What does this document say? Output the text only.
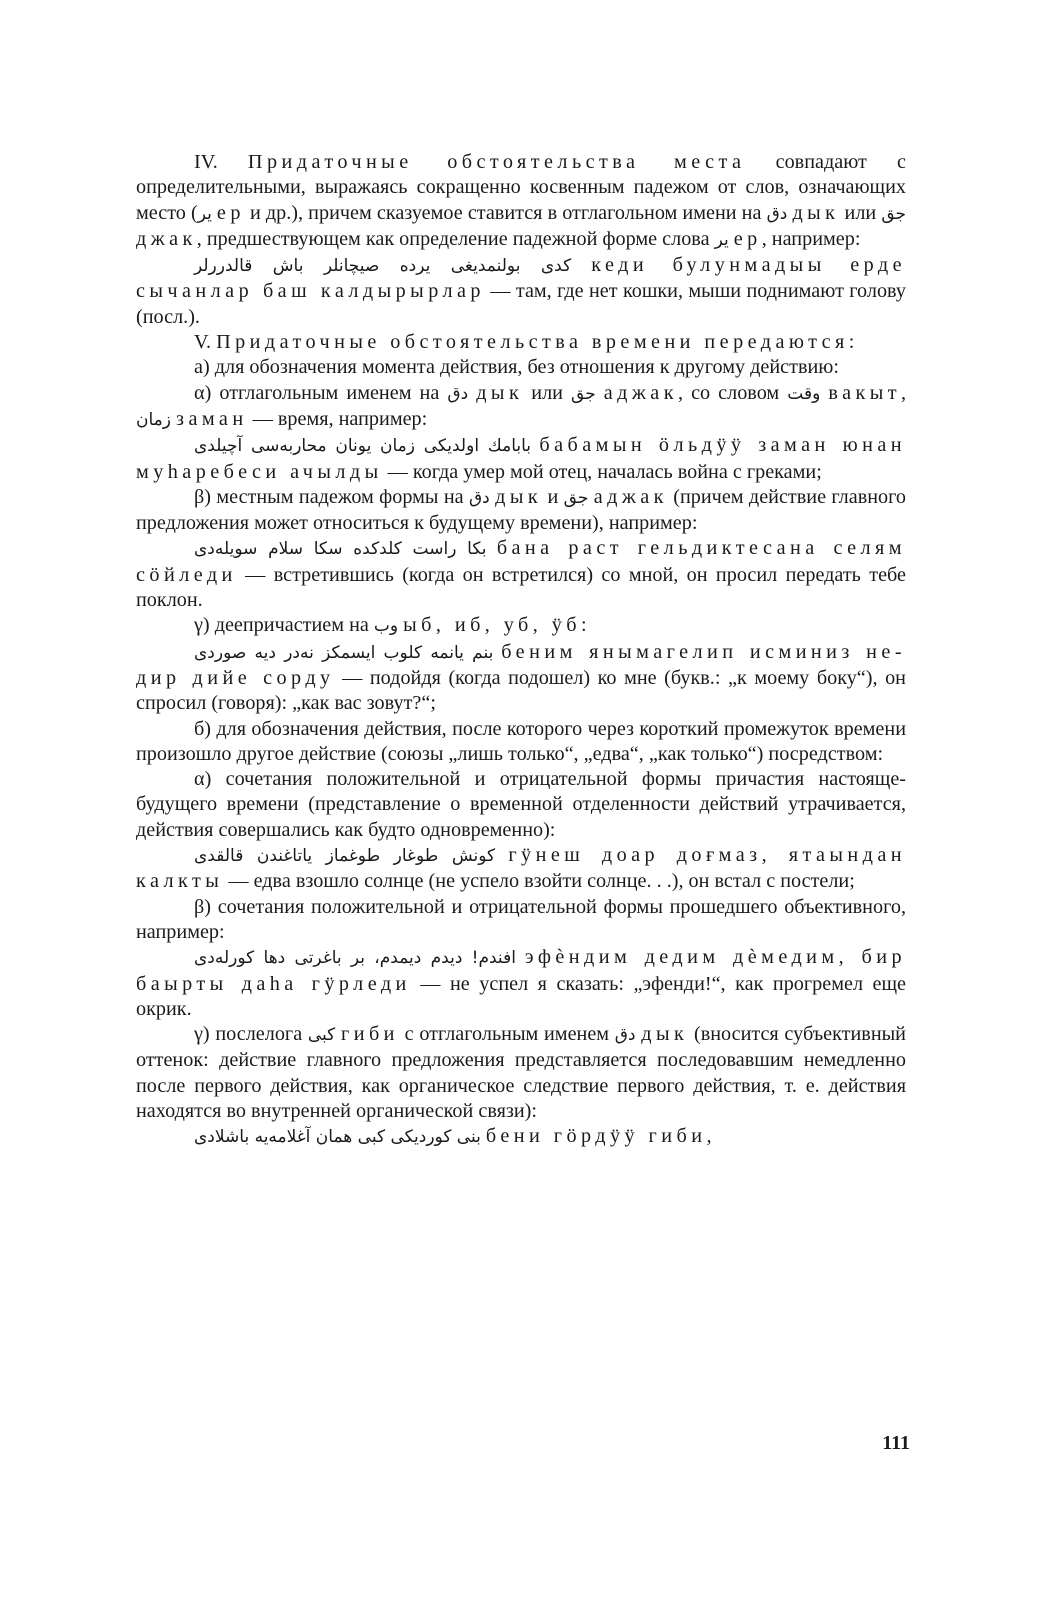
IV. Придаточные обстоятельства места совпадают с определительными, выражаясь сокращенно косвенным падежом от слов, означающих место (یر ер и др.), причем сказуемое ставится в отглагольном имени на دق дык или جق джак, предшествующем как определение падежной форме слова یر ер, например:

کدی بولنمدیغی یرده صیچانلر باش قالدررلر кеди булунмадыы ерде сычанлар баш калдырырлар — там, где нет кошки, мыши поднимают голову (посл.).

V. Придаточные обстоятельства времени передаются:

а) для обозначения момента действия, без отношения к другому действию:

α) отглагольным именем на دق дык или جق аджак, со словом وقت вакыт, زمان заман — время, например:

بابامك اولدیکی زمان یونان محاربه‌سی آچیلدی бабамын ӧльдӱӱ заман юнан муһаребеси ачылды — когда умер мой отец, началась война с греками;

β) местным падежом формы на دق дык и جق аджак (причем действие главного предложения может относиться к будущему времени), например:

بکا راست کلدکده سکا سلام سویله‌دی бана раст гельдиктесана селям сӧйледи — встретившись (когда он встретился) со мной, он просил передать тебе поклон.

γ) деепричастием на وب ыб, иб, уб, ӱб:

بنم یانمه کلوب ایسمکز نه‌در دیه صوردی беним янымагелип исминиз не-дир дийе сорду — подойдя (когда подошел) ко мне (букв.: „к моему боку“), он спросил (говоря): „как вас зовут?“;

б) для обозначения действия, после которого через короткий промежуток времени произошло другое действие (союзы „лишь только“, „едва“, „как только“) посредством:

α) сочетания положительной и отрицательной формы причастия настояще-будущего времени (представление о временной отделенности действий утрачивается, действия совершались как будто одновременно):

کونش طوغار طوغماز یاتاغندن قالقدی гӱнеш доар доғмаз, ятаындан калкты — едва взошло солнце (не успело взойти солнце. . .), он встал с постели;

β) сочетания положительной и отрицательной формы прошедшего объективного, например:

افندم! دیدم دیمدم، بر باغرتی دها کورله‌دی эфѐндим дедим дѐмедим, бир баырты даһа гӱрледи — не успел я сказать: „эфенди!“, как прогремел еще окрик.

γ) послелога کبی гиби с отглагольным именем دق дык (вносится субъективный оттенок: действие главного предложения представляется последовавшим немедленно после первого действия, как органическое следствие первого действия, т. е. действия находятся во внутренней органической связи):

بنی کوردیکی کبی همان آغلامه‌یه باشلادی бени гӧрдӱӱ гиби,

111
